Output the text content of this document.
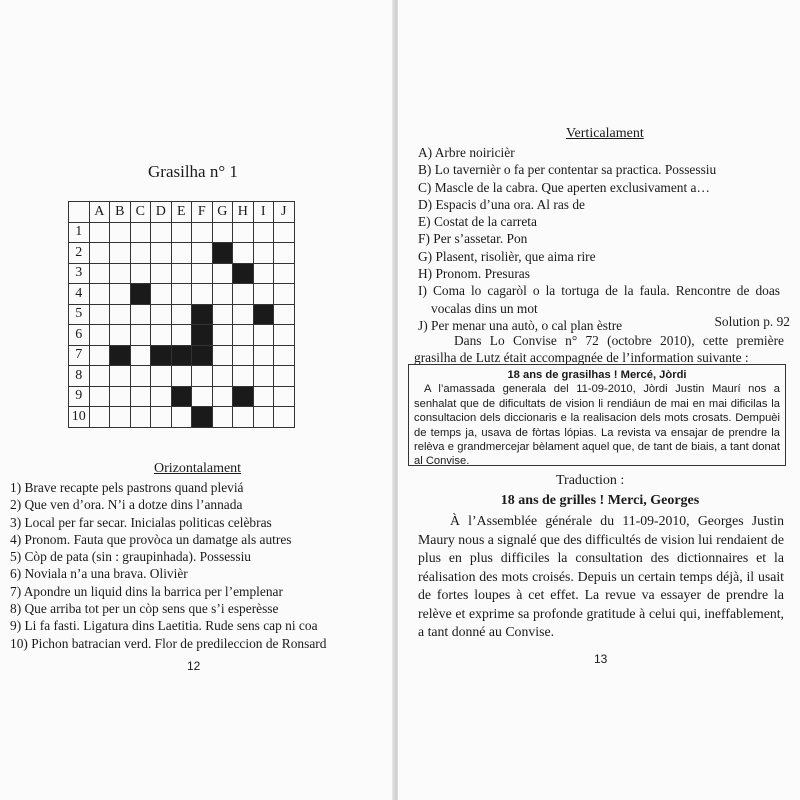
Grasilha n° 1
	A	B	C	D	E	F	G	H	I	J
1										
2										
3										
4										
5										
6										
7										
8										
9										
10										
Orizontalament
1) Brave recapte pels pastrons quand pleviá
2) Que ven d’ora. N’i a dotze dins l’annada
3) Local per far secar. Inicialas politicas celèbras
4) Pronom. Fauta que provòca un damatge als autres
5) Còp de pata (sin : graupinhada). Possessiu
6) Noviala n’a una brava. Olivièr
7) Apondre un liquid dins la barrica per l’emplenar
8) Que arriba tot per un còp sens que s’i esperèsse
9) Li fa fasti. Ligatura dins Laetitia. Rude sens cap ni coa
10) Pichon batracian verd. Flor de predileccion de Ronsard
12
Verticalament
A) Arbre noiricièr
B) Lo tavernièr o fa per contentar sa practica. Possessiu
C) Mascle de la cabra. Que aperten exclusivament a…
D) Espacis d’una ora. Al ras de
E) Costat de la carreta
F) Per s’assetar. Pon
G) Plasent, risolièr, que aima rire
H) Pronom. Presuras
I) Coma lo cagaròl o la tortuga de la faula. Rencontre de doas
vocalas dins un mot
J) Per menar una autò, o cal plan èstre	Solution p. 92
Dans Lo Convise n° 72 (octobre 2010), cette première grasilha de Lutz était accompagnée de l’information suivante :
18 ans de grasilhas ! Mercé, Jòrdi
A l’amassada generala del 11-09-2010, Jòrdi Justin Maurí nos a senhalat que de dificultats de vision li rendiáun de mai en mai dificilas la consultacion dels diccionaris e la realisacion dels mots crosats. Dempuèi de temps ja, usava de fòrtas lópias. La revista va ensajar de prendre la relèva e grandmercejar bèlament aquel que, de tant de biais, a tant donat al Convise.
Traduction :
18 ans de grilles ! Merci, Georges
À l’Assemblée générale du 11-09-2010, Georges Justin Maury nous a signalé que des difficultés de vision lui rendaient de plus en plus difficiles la consultation des dictionnaires et la réalisation des mots croisés. Depuis un certain temps déjà, il usait de fortes loupes à cet effet. La revue va essayer de prendre la relève et exprime sa profonde gratitude à celui qui, ineffablement, a tant donné au Convise.
13
